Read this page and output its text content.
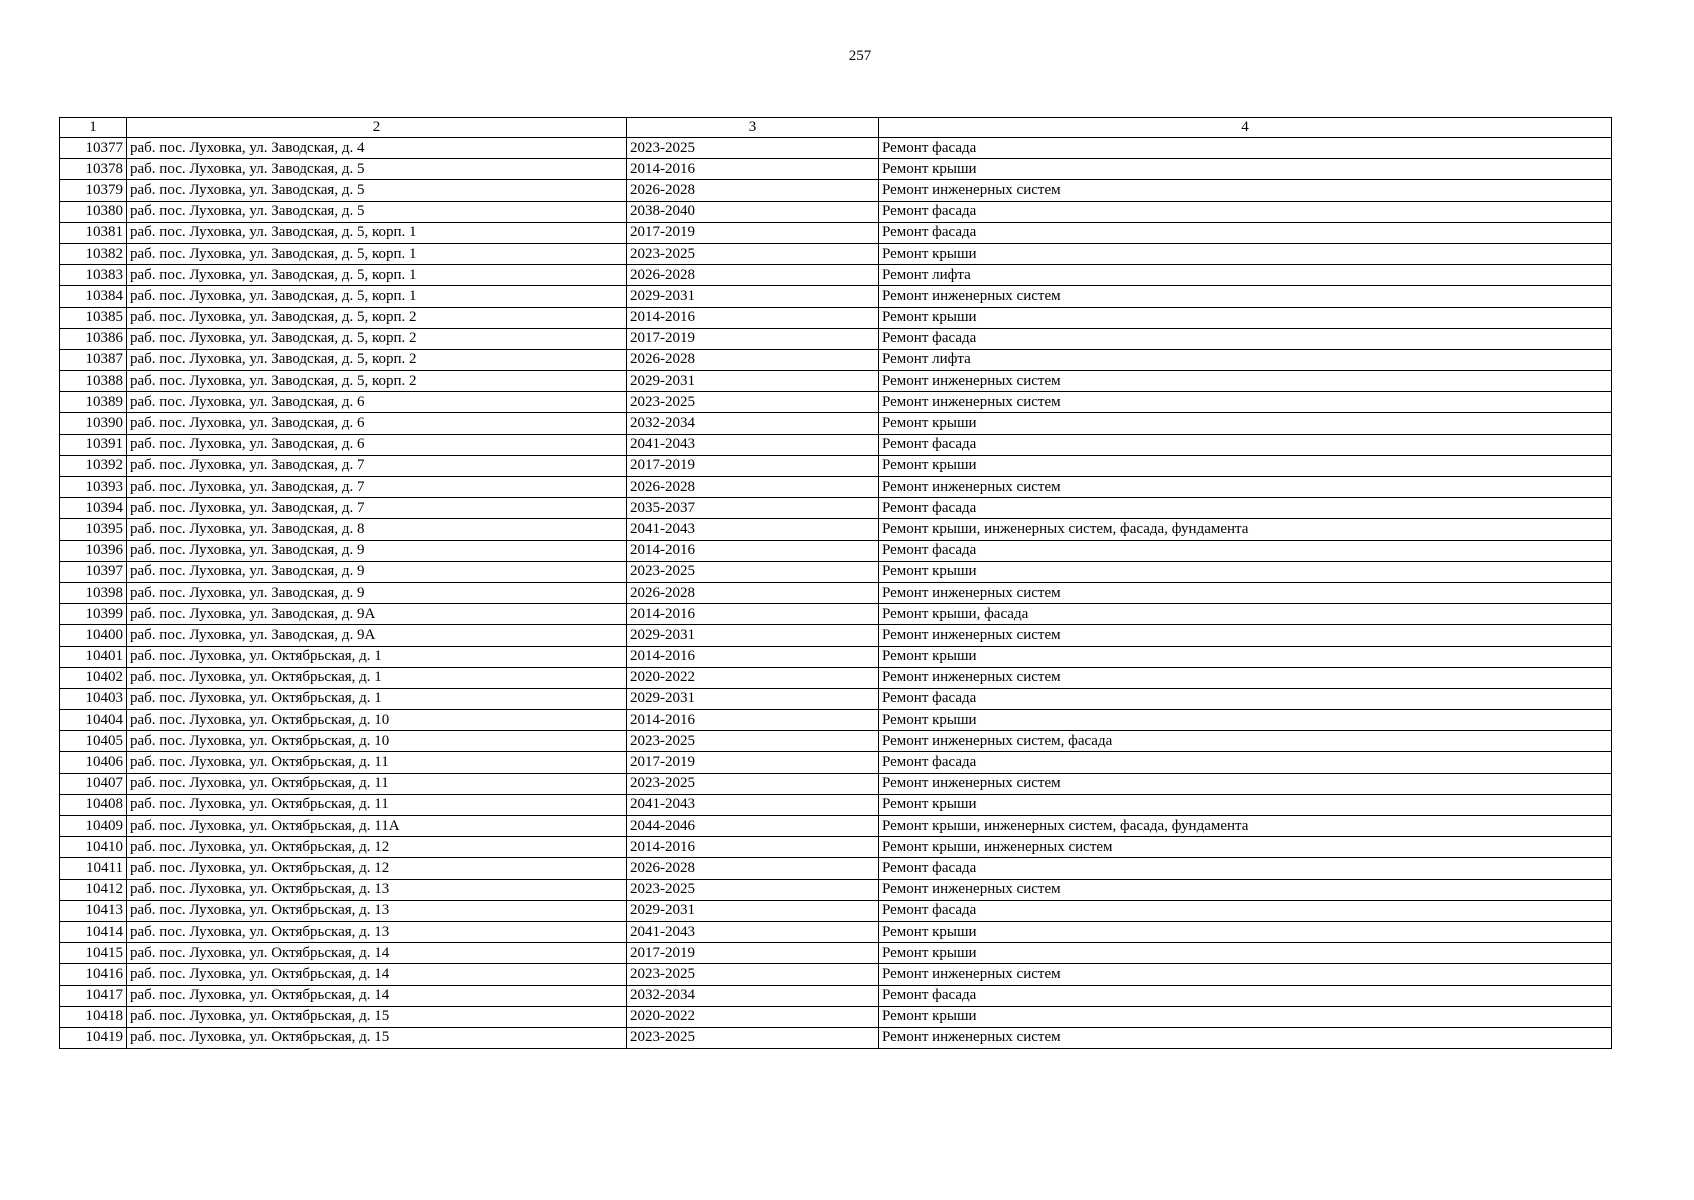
257
1	2	3	4
10377	раб. пос. Луховка, ул. Заводская, д. 4	2023-2025	Ремонт фасада
10378	раб. пос. Луховка, ул. Заводская, д. 5	2014-2016	Ремонт крыши
10379	раб. пос. Луховка, ул. Заводская, д. 5	2026-2028	Ремонт инженерных систем
10380	раб. пос. Луховка, ул. Заводская, д. 5	2038-2040	Ремонт фасада
10381	раб. пос. Луховка, ул. Заводская, д. 5, корп. 1	2017-2019	Ремонт фасада
10382	раб. пос. Луховка, ул. Заводская, д. 5, корп. 1	2023-2025	Ремонт крыши
10383	раб. пос. Луховка, ул. Заводская, д. 5, корп. 1	2026-2028	Ремонт лифта
10384	раб. пос. Луховка, ул. Заводская, д. 5, корп. 1	2029-2031	Ремонт инженерных систем
10385	раб. пос. Луховка, ул. Заводская, д. 5, корп. 2	2014-2016	Ремонт крыши
10386	раб. пос. Луховка, ул. Заводская, д. 5, корп. 2	2017-2019	Ремонт фасада
10387	раб. пос. Луховка, ул. Заводская, д. 5, корп. 2	2026-2028	Ремонт лифта
10388	раб. пос. Луховка, ул. Заводская, д. 5, корп. 2	2029-2031	Ремонт инженерных систем
10389	раб. пос. Луховка, ул. Заводская, д. 6	2023-2025	Ремонт инженерных систем
10390	раб. пос. Луховка, ул. Заводская, д. 6	2032-2034	Ремонт крыши
10391	раб. пос. Луховка, ул. Заводская, д. 6	2041-2043	Ремонт фасада
10392	раб. пос. Луховка, ул. Заводская, д. 7	2017-2019	Ремонт крыши
10393	раб. пос. Луховка, ул. Заводская, д. 7	2026-2028	Ремонт инженерных систем
10394	раб. пос. Луховка, ул. Заводская, д. 7	2035-2037	Ремонт фасада
10395	раб. пос. Луховка, ул. Заводская, д. 8	2041-2043	Ремонт крыши, инженерных систем, фасада, фундамента
10396	раб. пос. Луховка, ул. Заводская, д. 9	2014-2016	Ремонт фасада
10397	раб. пос. Луховка, ул. Заводская, д. 9	2023-2025	Ремонт крыши
10398	раб. пос. Луховка, ул. Заводская, д. 9	2026-2028	Ремонт инженерных систем
10399	раб. пос. Луховка, ул. Заводская, д. 9А	2014-2016	Ремонт крыши, фасада
10400	раб. пос. Луховка, ул. Заводская, д. 9А	2029-2031	Ремонт инженерных систем
10401	раб. пос. Луховка, ул. Октябрьская, д. 1	2014-2016	Ремонт крыши
10402	раб. пос. Луховка, ул. Октябрьская, д. 1	2020-2022	Ремонт инженерных систем
10403	раб. пос. Луховка, ул. Октябрьская, д. 1	2029-2031	Ремонт фасада
10404	раб. пос. Луховка, ул. Октябрьская, д. 10	2014-2016	Ремонт крыши
10405	раб. пос. Луховка, ул. Октябрьская, д. 10	2023-2025	Ремонт инженерных систем, фасада
10406	раб. пос. Луховка, ул. Октябрьская, д. 11	2017-2019	Ремонт фасада
10407	раб. пос. Луховка, ул. Октябрьская, д. 11	2023-2025	Ремонт инженерных систем
10408	раб. пос. Луховка, ул. Октябрьская, д. 11	2041-2043	Ремонт крыши
10409	раб. пос. Луховка, ул. Октябрьская, д. 11А	2044-2046	Ремонт крыши, инженерных систем, фасада, фундамента
10410	раб. пос. Луховка, ул. Октябрьская, д. 12	2014-2016	Ремонт крыши, инженерных систем
10411	раб. пос. Луховка, ул. Октябрьская, д. 12	2026-2028	Ремонт фасада
10412	раб. пос. Луховка, ул. Октябрьская, д. 13	2023-2025	Ремонт инженерных систем
10413	раб. пос. Луховка, ул. Октябрьская, д. 13	2029-2031	Ремонт фасада
10414	раб. пос. Луховка, ул. Октябрьская, д. 13	2041-2043	Ремонт крыши
10415	раб. пос. Луховка, ул. Октябрьская, д. 14	2017-2019	Ремонт крыши
10416	раб. пос. Луховка, ул. Октябрьская, д. 14	2023-2025	Ремонт инженерных систем
10417	раб. пос. Луховка, ул. Октябрьская, д. 14	2032-2034	Ремонт фасада
10418	раб. пос. Луховка, ул. Октябрьская, д. 15	2020-2022	Ремонт крыши
10419	раб. пос. Луховка, ул. Октябрьская, д. 15	2023-2025	Ремонт инженерных систем
